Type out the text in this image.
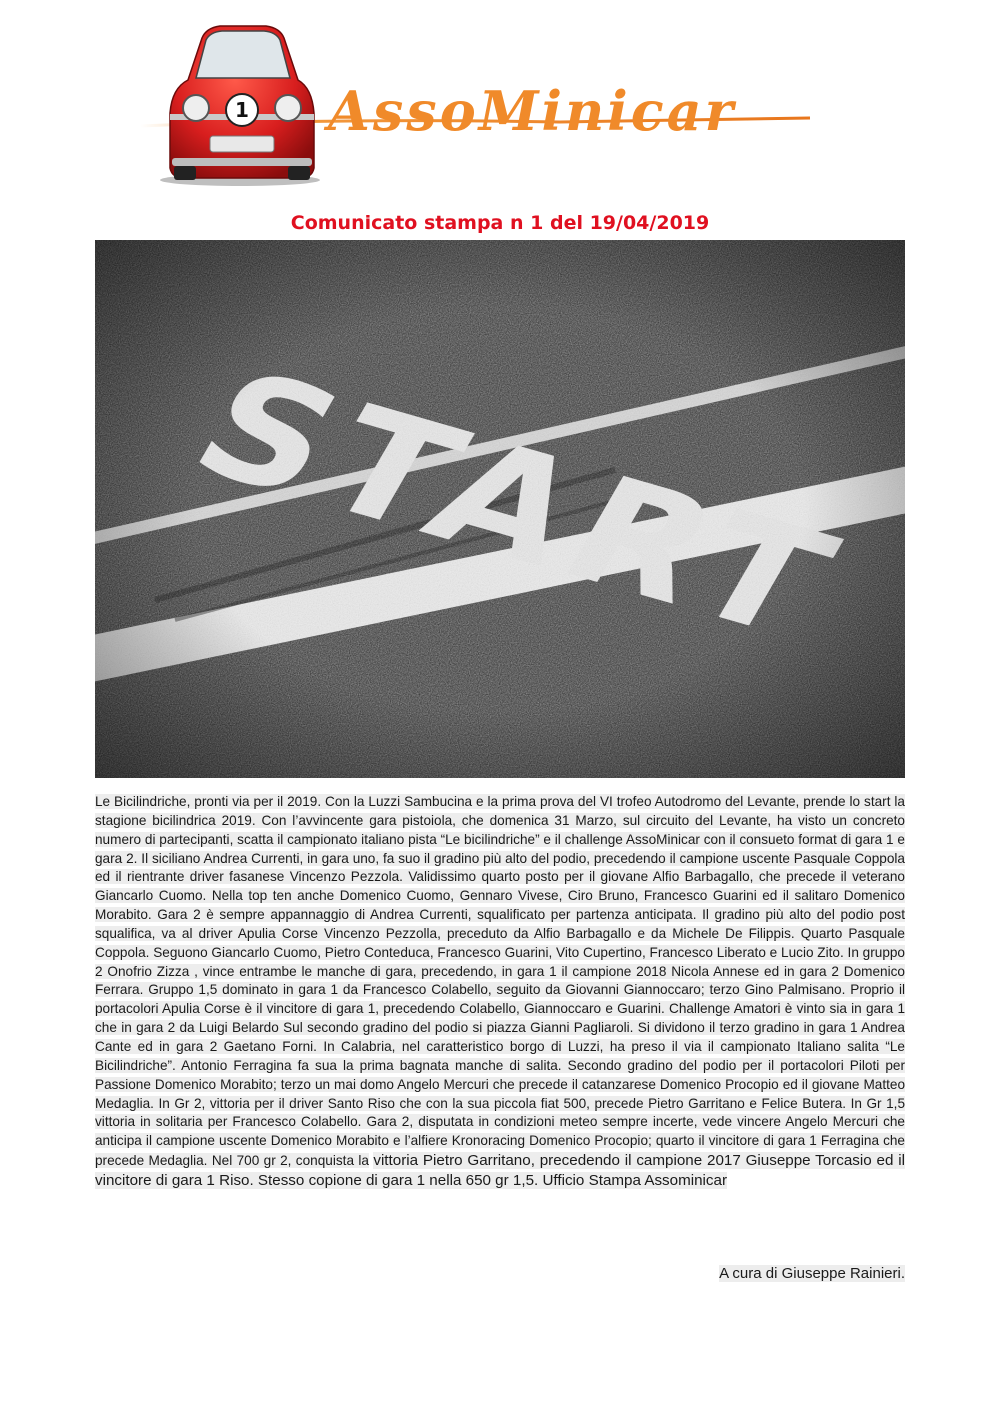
1 AssoMinicar
Comunicato stampa n 1 del 19/04/2019
Le Bicilindriche, pronti via per il 2019. Con la Luzzi Sambucina e la prima prova del VI trofeo Autodromo del Levante, prende lo start la stagione bicilindrica 2019. Con l’avvincente gara pistoiola, che domenica 31 Marzo, sul circuito del Levante, ha visto un concreto numero di partecipanti, scatta il campionato italiano pista “Le bicilindriche” e il challenge AssoMinicar con il consueto format di gara 1 e gara 2. Il siciliano Andrea Currenti, in gara uno, fa suo il gradino più alto del podio, precedendo il campione uscente Pasquale Coppola ed il rientrante driver fasanese Vincenzo Pezzola. Validissimo quarto posto per il giovane Alfio Barbagallo, che precede il veterano Giancarlo Cuomo. Nella top ten anche Domenico Cuomo, Gennaro Vivese, Ciro Bruno, Francesco Guarini ed il salitaro Domenico Morabito. Gara 2 è sempre appannaggio di Andrea Currenti, squalificato per partenza anticipata. Il gradino più alto del podio post squalifica, va al driver Apulia Corse Vincenzo Pezzolla, preceduto da Alfio Barbagallo e da Michele De Filippis. Quarto Pasquale Coppola. Seguono Giancarlo Cuomo, Pietro Conteduca, Francesco Guarini, Vito Cupertino, Francesco Liberato e Lucio Zito. In gruppo 2 Onofrio Zizza , vince entrambe le manche di gara, precedendo, in gara 1 il campione 2018 Nicola Annese ed in gara 2 Domenico Ferrara. Gruppo 1,5 dominato in gara 1 da Francesco Colabello, seguito da Giovanni Giannoccaro; terzo Gino Palmisano. Proprio il portacolori Apulia Corse è il vincitore di gara 1, precedendo Colabello, Giannoccaro e Guarini. Challenge Amatori è vinto sia in gara 1 che in gara 2 da Luigi Belardo Sul secondo gradino del podio si piazza Gianni Pagliaroli. Si dividono il terzo gradino in gara 1 Andrea Cante ed in gara 2 Gaetano Forni. In Calabria, nel caratteristico borgo di Luzzi, ha preso il via il campionato Italiano salita “Le Bicilindriche”. Antonio Ferragina fa sua la prima bagnata manche di salita. Secondo gradino del podio per il portacolori Piloti per Passione Domenico Morabito; terzo un mai domo Angelo Mercuri che precede il catanzarese Domenico Procopio ed il giovane Matteo Medaglia. In Gr 2, vittoria per il driver Santo Riso che con la sua piccola fiat 500, precede Pietro Garritano e Felice Butera. In Gr 1,5 vittoria in solitaria per Francesco Colabello. Gara 2, disputata in condizioni meteo sempre incerte, vede vincere Angelo Mercuri che anticipa il campione uscente Domenico Morabito e l’alfiere Kronoracing Domenico Procopio; quarto il vincitore di gara 1 Ferragina che precede Medaglia. Nel 700 gr 2, conquista la vittoria Pietro Garritano, precedendo il campione 2017 Giuseppe Torcasio ed il vincitore di gara 1 Riso. Stesso copione di gara 1 nella 650 gr 1,5. Ufficio Stampa Assominicar
A cura di Giuseppe Rainieri.
